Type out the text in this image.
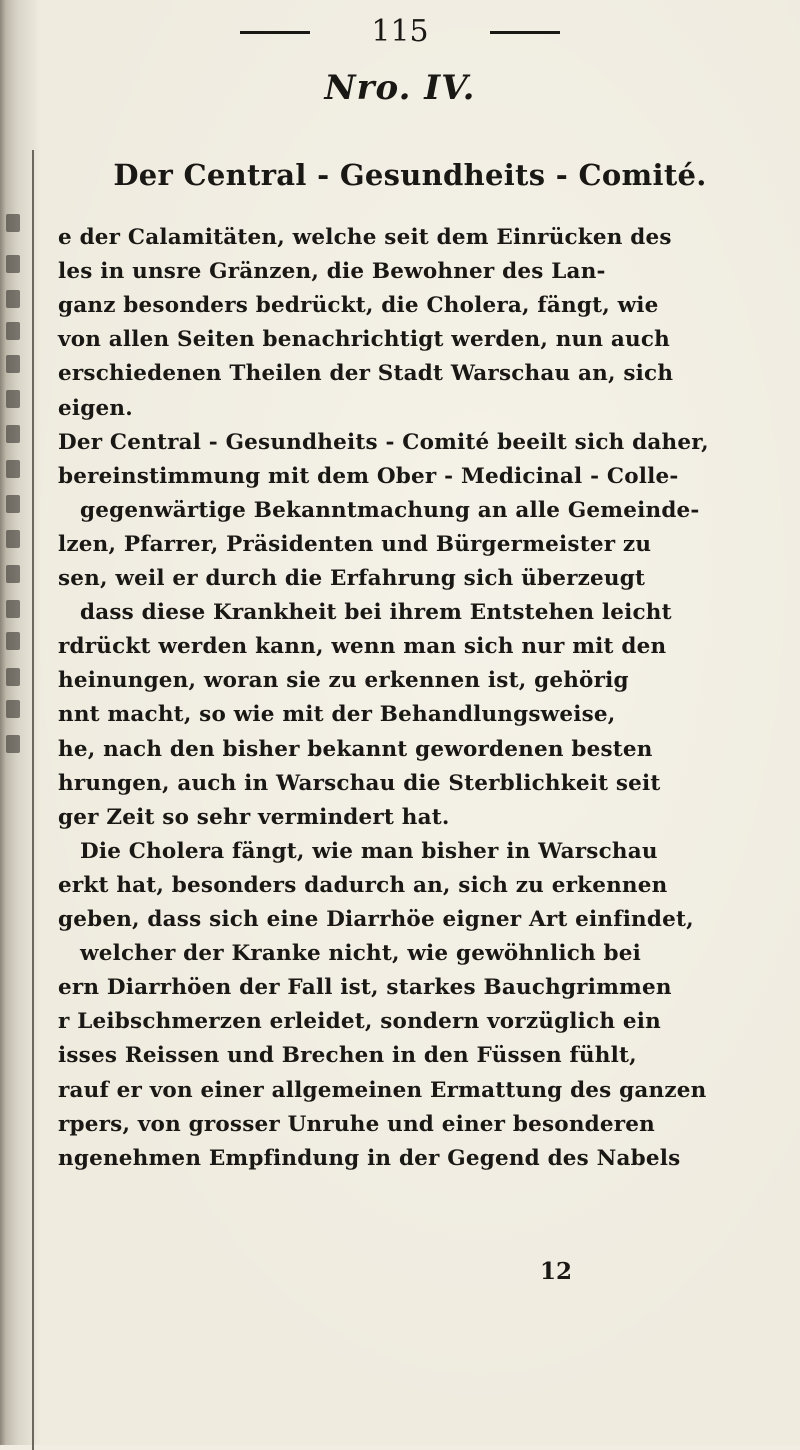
115
Nro. IV.
Der Central - Gesundheits - Comité.
e der Calamitäten, welche seit dem Einrücken des
les in unsre Gränzen, die Bewohner des Lan-
ganz besonders bedrückt, die Cholera, fängt, wie
von allen Seiten benachrichtigt werden, nun auch
erschiedenen Theilen der Stadt Warschau an, sich
eigen.
Der Central - Gesundheits - Comité beeilt sich daher,
bereinstimmung mit dem Ober - Medicinal - Colle-
gegenwärtige Bekanntmachung an alle Gemeinde-
lzen, Pfarrer, Präsidenten und Bürgermeister zu
sen, weil er durch die Erfahrung sich überzeugt
dass diese Krankheit bei ihrem Entstehen leicht
rdrückt werden kann, wenn man sich nur mit den
heinungen, woran sie zu erkennen ist, gehörig
nnt macht, so wie mit der Behandlungsweise,
he, nach den bisher bekannt gewordenen besten
hrungen, auch in Warschau die Sterblichkeit seit
ger Zeit so sehr vermindert hat.
Die Cholera fängt, wie man bisher in Warschau
erkt hat, besonders dadurch an, sich zu erkennen
geben, dass sich eine Diarrhöe eigner Art einfindet,
welcher der Kranke nicht, wie gewöhnlich bei
ern Diarrhöen der Fall ist, starkes Bauchgrimmen
r Leibschmerzen erleidet, sondern vorzüglich ein
isses Reissen und Brechen in den Füssen fühlt,
rauf er von einer allgemeinen Ermattung des ganzen
rpers, von grosser Unruhe und einer besonderen
ngenehmen Empfindung in der Gegend des Nabels
12
